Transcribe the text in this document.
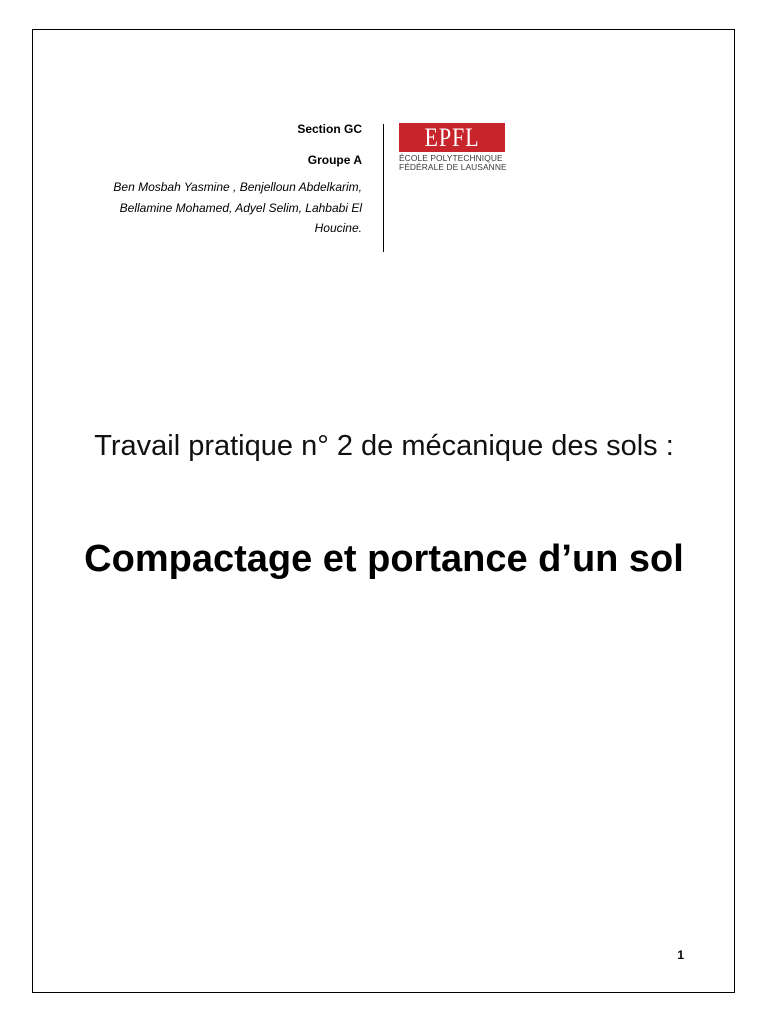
Section GC
Groupe A
Ben Mosbah Yasmine , Benjelloun Abdelkarim, Bellamine Mohamed, Adyel Selim, Lahbabi El Houcine.
EPFL
ÉCOLE POLYTECHNIQUE
FÉDÉRALE DE LAUSANNE
Travail pratique n° 2 de mécanique des sols :
Compactage et portance d’un sol
1
